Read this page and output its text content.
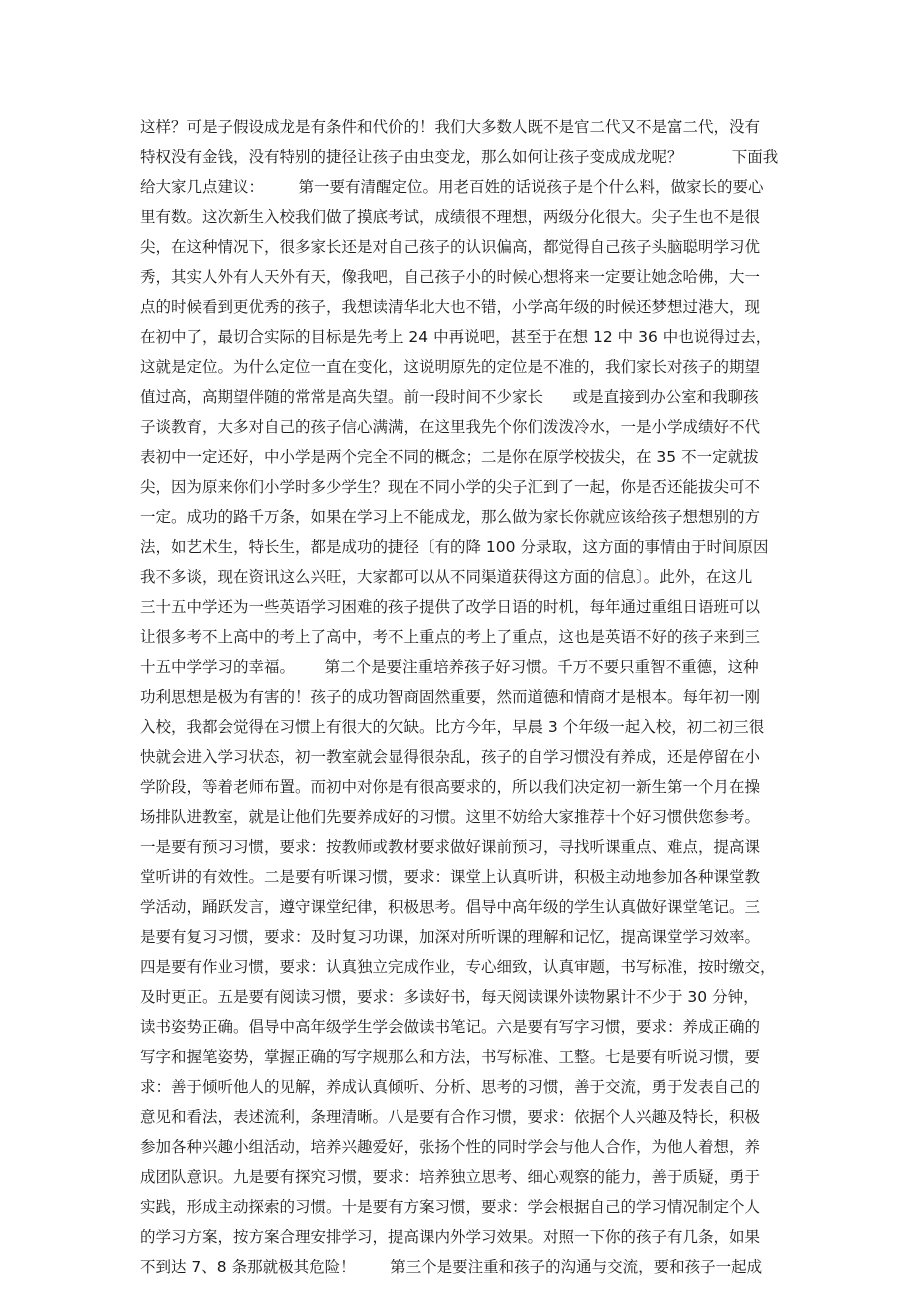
这样？可是子假设成龙是有条件和代价的！我们大多数人既不是官二代又不是富二代，没有
特权没有金钱，没有特别的捷径让孩子由虫变龙，那么如何让孩子变成成龙呢？          下面我
给大家几点建议：       第一要有清醒定位。用老百姓的话说孩子是个什么料，做家长的要心
里有数。这次新生入校我们做了摸底考试，成绩很不理想，两级分化很大。尖子生也不是很
尖，在这种情况下，很多家长还是对自己孩子的认识偏高，都觉得自己孩子头脑聪明学习优
秀，其实人外有人天外有天，像我吧，自己孩子小的时候心想将来一定要让她念哈佛，大一
点的时候看到更优秀的孩子，我想读清华北大也不错，小学高年级的时候还梦想过港大，现
在初中了，最切合实际的目标是先考上 24 中再说吧，甚至于在想 12 中 36 中也说得过去，
这就是定位。为什么定位一直在变化，这说明原先的定位是不准的，我们家长对孩子的期望
值过高，高期望伴随的常常是高失望。前一段时间不少家长      或是直接到办公室和我聊孩
子谈教育，大多对自己的孩子信心满满，在这里我先个你们泼泼冷水，一是小学成绩好不代
表初中一定还好，中小学是两个完全不同的概念；二是你在原学校拔尖，在 35 不一定就拔
尖，因为原来你们小学时多少学生？现在不同小学的尖子汇到了一起，你是否还能拔尖可不
一定。成功的路千万条，如果在学习上不能成龙，那么做为家长你就应该给孩子想想别的方
法，如艺术生，特长生，都是成功的捷径〔有的降 100 分录取，这方面的事情由于时间原因
我不多谈，现在资讯这么兴旺，大家都可以从不同渠道获得这方面的信息〕。此外，在这儿
三十五中学还为一些英语学习困难的孩子提供了改学日语的时机，每年通过重组日语班可以
让很多考不上高中的考上了高中，考不上重点的考上了重点，这也是英语不好的孩子来到三
十五中学学习的幸福。      第二个是要注重培养孩子好习惯。千万不要只重智不重德，这种
功利思想是极为有害的！孩子的成功智商固然重要，然而道德和情商才是根本。每年初一刚
入校，我都会觉得在习惯上有很大的欠缺。比方今年，早晨 3 个年级一起入校，初二初三很
快就会进入学习状态，初一教室就会显得很杂乱，孩子的自学习惯没有养成，还是停留在小
学阶段，等着老师布置。而初中对你是有很高要求的，所以我们决定初一新生第一个月在操
场排队进教室，就是让他们先要养成好的习惯。这里不妨给大家推荐十个好习惯供您参考。
一是要有预习习惯，要求：按教师或教材要求做好课前预习，寻找听课重点、难点，提高课
堂听讲的有效性。二是要有听课习惯，要求：课堂上认真听讲，积极主动地参加各种课堂教
学活动，踊跃发言，遵守课堂纪律，积极思考。倡导中高年级的学生认真做好课堂笔记。三
是要有复习习惯，要求：及时复习功课，加深对所听课的理解和记忆，提高课堂学习效率。
四是要有作业习惯，要求：认真独立完成作业，专心细致，认真审题，书写标准，按时缴交，
及时更正。五是要有阅读习惯，要求：多读好书，每天阅读课外读物累计不少于 30 分钟，
读书姿势正确。倡导中高年级学生学会做读书笔记。六是要有写字习惯，要求：养成正确的
写字和握笔姿势，掌握正确的写字规那么和方法，书写标准、工整。七是要有听说习惯，要
求：善于倾听他人的见解，养成认真倾听、分析、思考的习惯，善于交流，勇于发表自己的
意见和看法，表述流利，条理清晰。八是要有合作习惯，要求：依据个人兴趣及特长，积极
参加各种兴趣小组活动，培养兴趣爱好，张扬个性的同时学会与他人合作，为他人着想，养
成团队意识。九是要有探究习惯，要求：培养独立思考、细心观察的能力，善于质疑，勇于
实践，形成主动探索的习惯。十是要有方案习惯，要求：学会根据自己的学习情况制定个人
的学习方案，按方案合理安排学习，提高课内外学习效果。对照一下你的孩子有几条，如果
不到达 7、8 条那就极其危险！       第三个是要注重和孩子的沟通与交流，要和孩子一起成
